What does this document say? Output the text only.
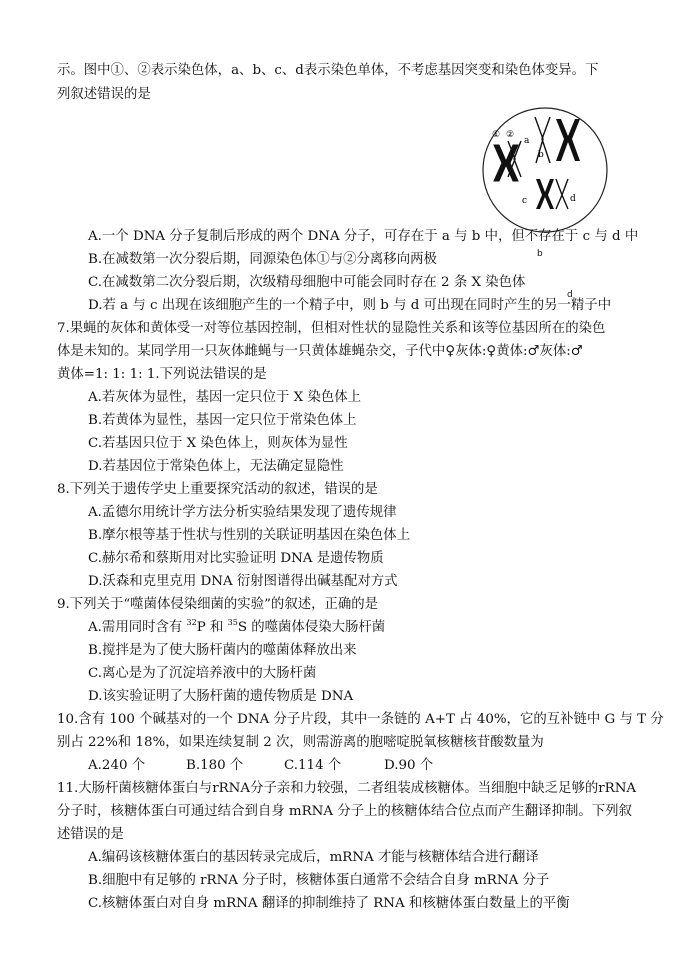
示。图中①、②表示染色体，a、b、c、d表示染色单体，不考虑基因突变和染色体变异。下
列叙述错误的是
① ②
a
b
c	d
A.一个 DNA 分子复制后形成的两个 DNA 分子，可存在于 a 与 b 中，但不存在于 c 与 d 中
B.在减数第一次分裂后期，同源染色体①与②分离移向两极	b
C.在减数第二次分裂后期，次级精母细胞中可能会同时存在 2 条 X 染色体
D.若 a 与 c 出现在该细胞产生的一个精子中，则 b 与 d 可出现在同时产生的另一精子中
d
7.果蝇的灰体和黄体受一对等位基因控制，但相对性状的显隐性关系和该等位基因所在的染色
体是未知的。某同学用一只灰体雌蝇与一只黄体雄蝇杂交，子代中♀灰体:♀黄体:♂灰体:♂
黄体=1: 1: 1: 1.下列说法错误的是
A.若灰体为显性，基因一定只位于 X 染色体上
B.若黄体为显性，基因一定只位于常染色体上
C.若基因只位于 X 染色体上，则灰体为显性
D.若基因位于常染色体上，无法确定显隐性
8.下列关于遗传学史上重要探究活动的叙述，错误的是
A.孟德尔用统计学方法分析实验结果发现了遗传规律
B.摩尔根等基于性状与性别的关联证明基因在染色体上
C.赫尔希和蔡斯用对比实验证明 DNA 是遗传物质
D.沃森和克里克用 DNA 衍射图谱得出碱基配对方式
9.下列关于“噬菌体侵染细菌的实验”的叙述，正确的是
A.需用同时含有 $^{32}$P 和 $^{35}$S 的噬菌体侵染大肠杆菌
B.搅拌是为了使大肠杆菌内的噬菌体释放出来
C.离心是为了沉淀培养液中的大肠杆菌
D.该实验证明了大肠杆菌的遗传物质是 DNA
10.含有 100 个碱基对的一个 DNA 分子片段，其中一条链的 A+T 占 40%，它的互补链中 G 与 T 分
别占 22%和 18%，如果连续复制 2 次，则需游离的胞嘧啶脱氧核糖核苷酸数量为
A.240 个	B.180 个	C.114 个	D.90 个
11.大肠杆菌核糖体蛋白与rRNA分子亲和力较强，二者组装成核糖体。当细胞中缺乏足够的rRNA
分子时，核糖体蛋白可通过结合到自身 mRNA 分子上的核糖体结合位点而产生翻译抑制。下列叙
述错误的是
A.编码该核糖体蛋白的基因转录完成后，mRNA 才能与核糖体结合进行翻译
B.细胞中有足够的 rRNA 分子时，核糖体蛋白通常不会结合自身 mRNA 分子
C.核糖体蛋白对自身 mRNA 翻译的抑制维持了 RNA 和核糖体蛋白数量上的平衡
